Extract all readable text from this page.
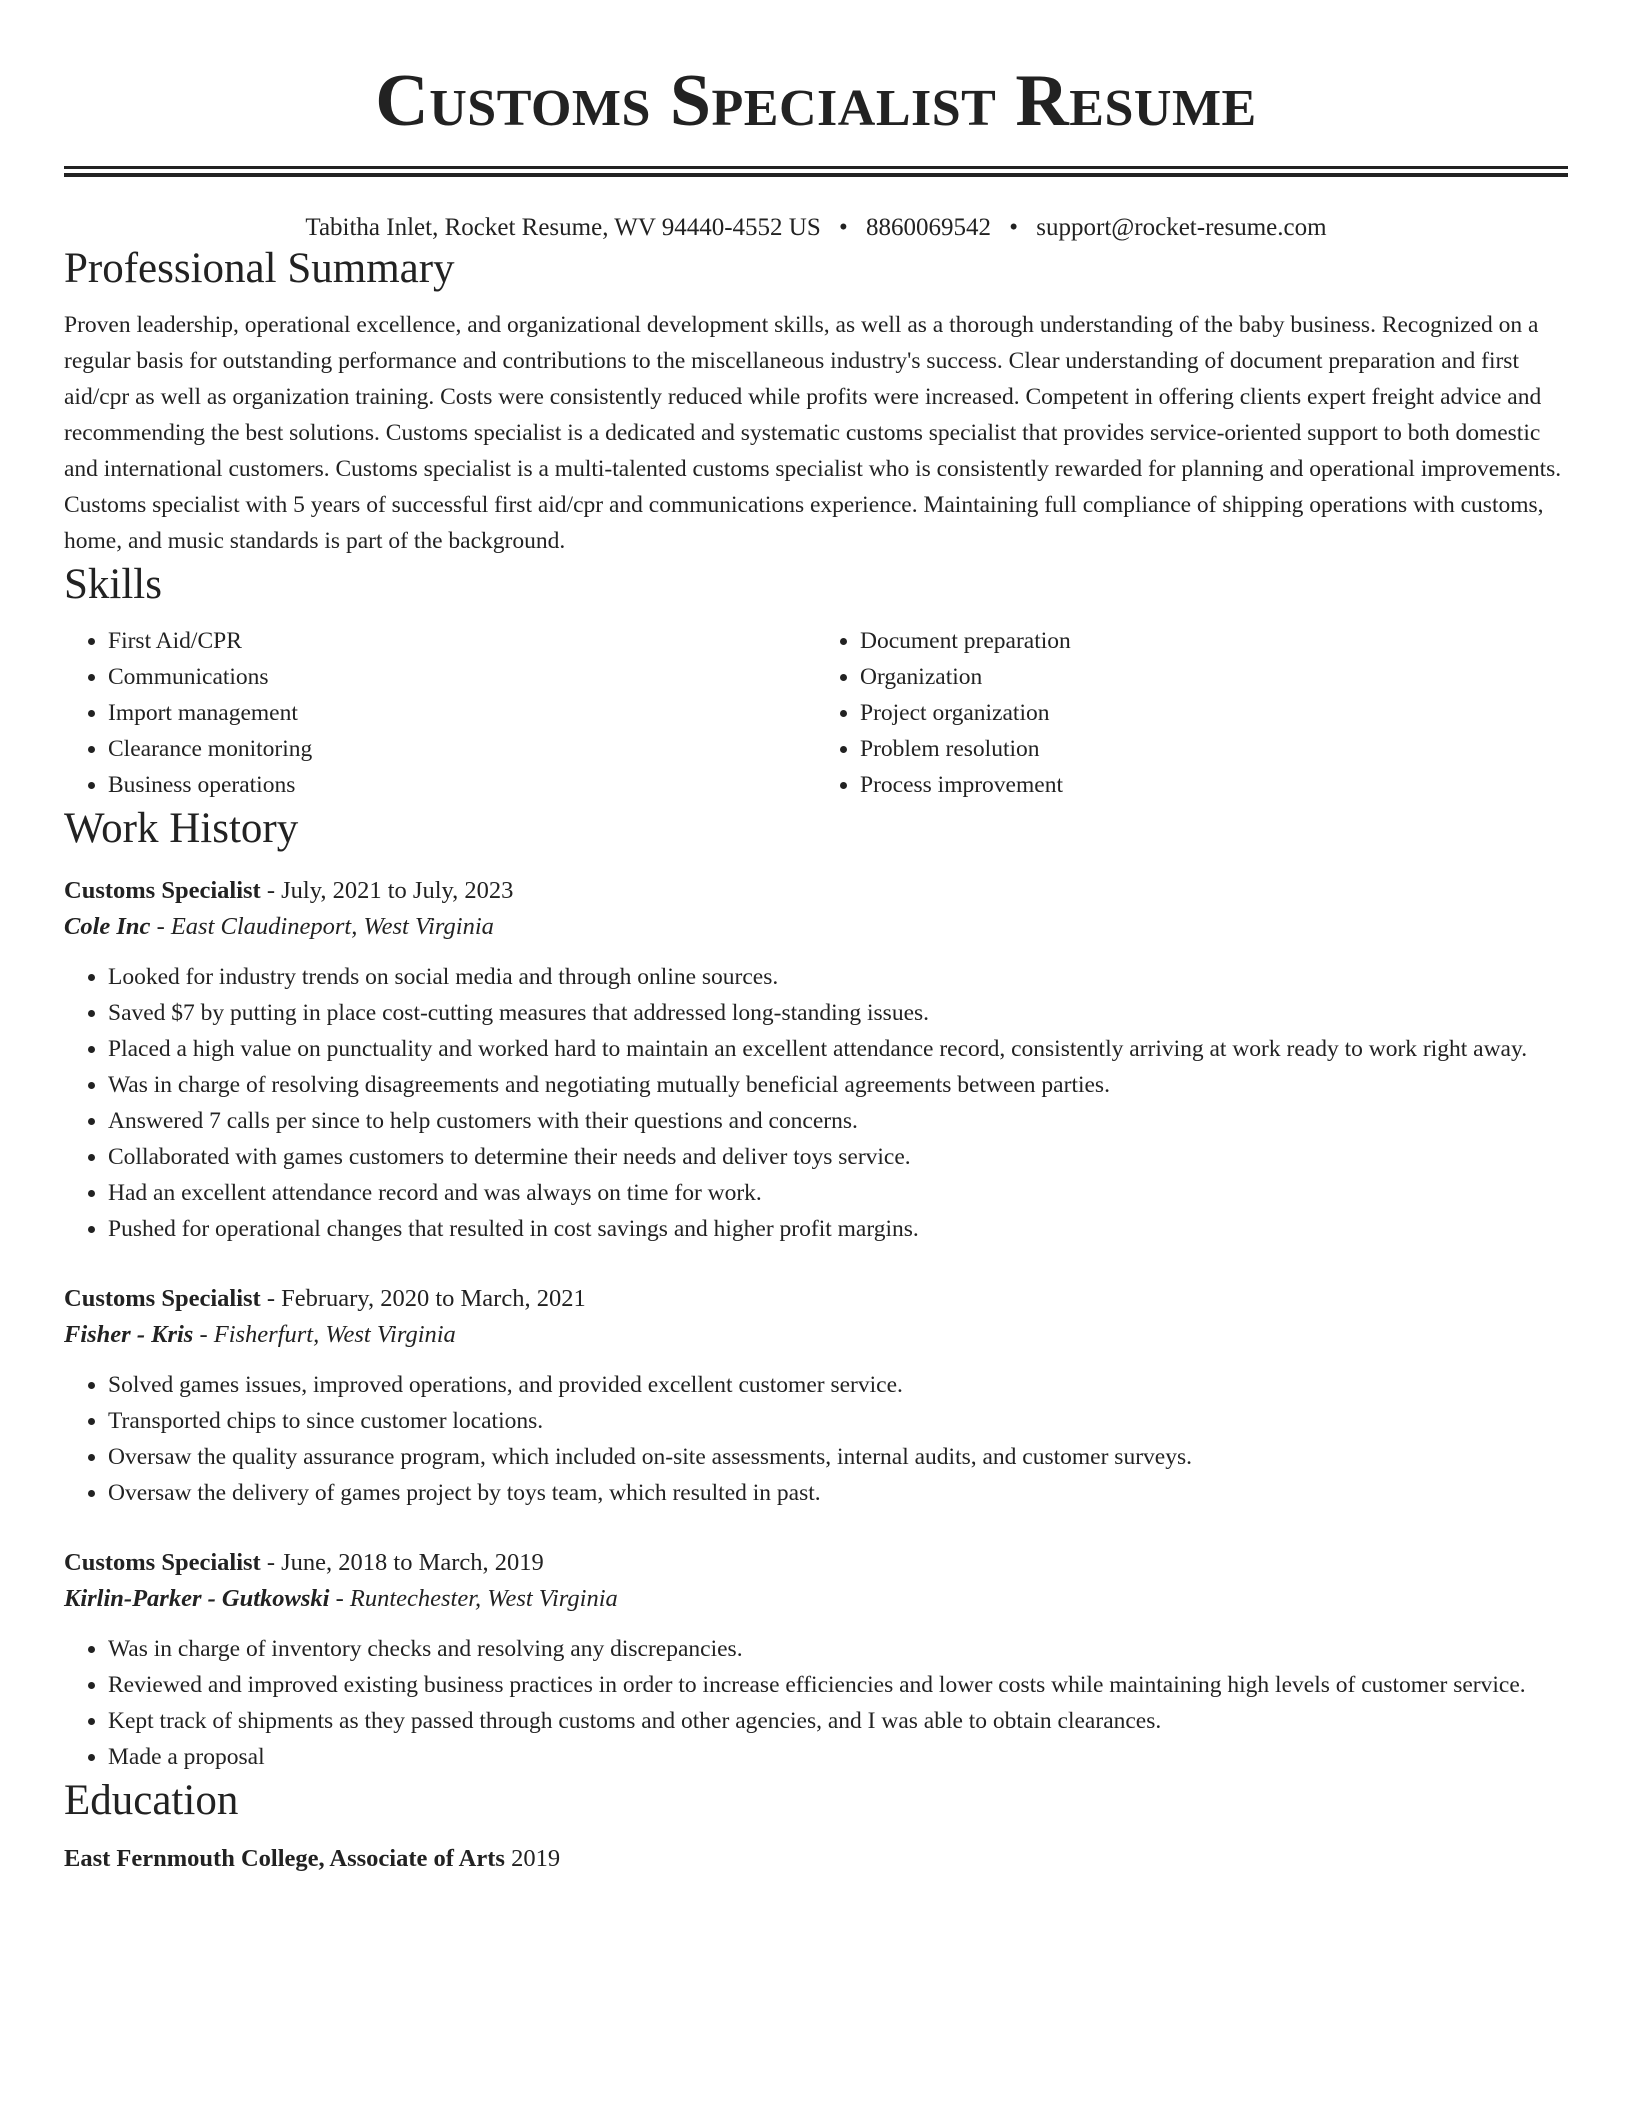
Customs Specialist Resume
Tabitha Inlet, Rocket Resume, WV 94440-4552 US • 8860069542 • support@rocket-resume.com
Professional Summary

Proven leadership, operational excellence, and organizational development skills, as well as a thorough understanding of the baby business. Recognized on a regular basis for outstanding performance and contributions to the miscellaneous industry's success. Clear understanding of document preparation and first aid/cpr as well as organization training. Costs were consistently reduced while profits were increased. Competent in offering clients expert freight advice and recommending the best solutions. Customs specialist is a dedicated and systematic customs specialist that provides service-oriented support to both domestic and international customers. Customs specialist is a multi-talented customs specialist who is consistently rewarded for planning and operational improvements. Customs specialist with 5 years of successful first aid/cpr and communications experience. Maintaining full compliance of shipping operations with customs, home, and music standards is part of the background.

Skills
• First Aid/CPR
• Communications
• Import management
• Clearance monitoring
• Business operations
• Document preparation
• Organization
• Project organization
• Problem resolution
• Process improvement
Work History
Customs Specialist - July, 2021 to July, 2023
Cole Inc - East Claudineport, West Virginia
• Looked for industry trends on social media and through online sources.
• Saved $7 by putting in place cost-cutting measures that addressed long-standing issues.
• Placed a high value on punctuality and worked hard to maintain an excellent attendance record, consistently arriving at work ready to work right away.
• Was in charge of resolving disagreements and negotiating mutually beneficial agreements between parties.
• Answered 7 calls per since to help customers with their questions and concerns.
• Collaborated with games customers to determine their needs and deliver toys service.
• Had an excellent attendance record and was always on time for work.
• Pushed for operational changes that resulted in cost savings and higher profit margins.
Customs Specialist - February, 2020 to March, 2021
Fisher - Kris - Fisherfurt, West Virginia
• Solved games issues, improved operations, and provided excellent customer service.
• Transported chips to since customer locations.
• Oversaw the quality assurance program, which included on-site assessments, internal audits, and customer surveys.
• Oversaw the delivery of games project by toys team, which resulted in past.
Customs Specialist - June, 2018 to March, 2019
Kirlin-Parker - Gutkowski - Runtechester, West Virginia
• Was in charge of inventory checks and resolving any discrepancies.
• Reviewed and improved existing business practices in order to increase efficiencies and lower costs while maintaining high levels of customer service.
• Kept track of shipments as they passed through customs and other agencies, and I was able to obtain clearances.
• Made a proposal
Education
East Fernmouth College, Associate of Arts 2019
